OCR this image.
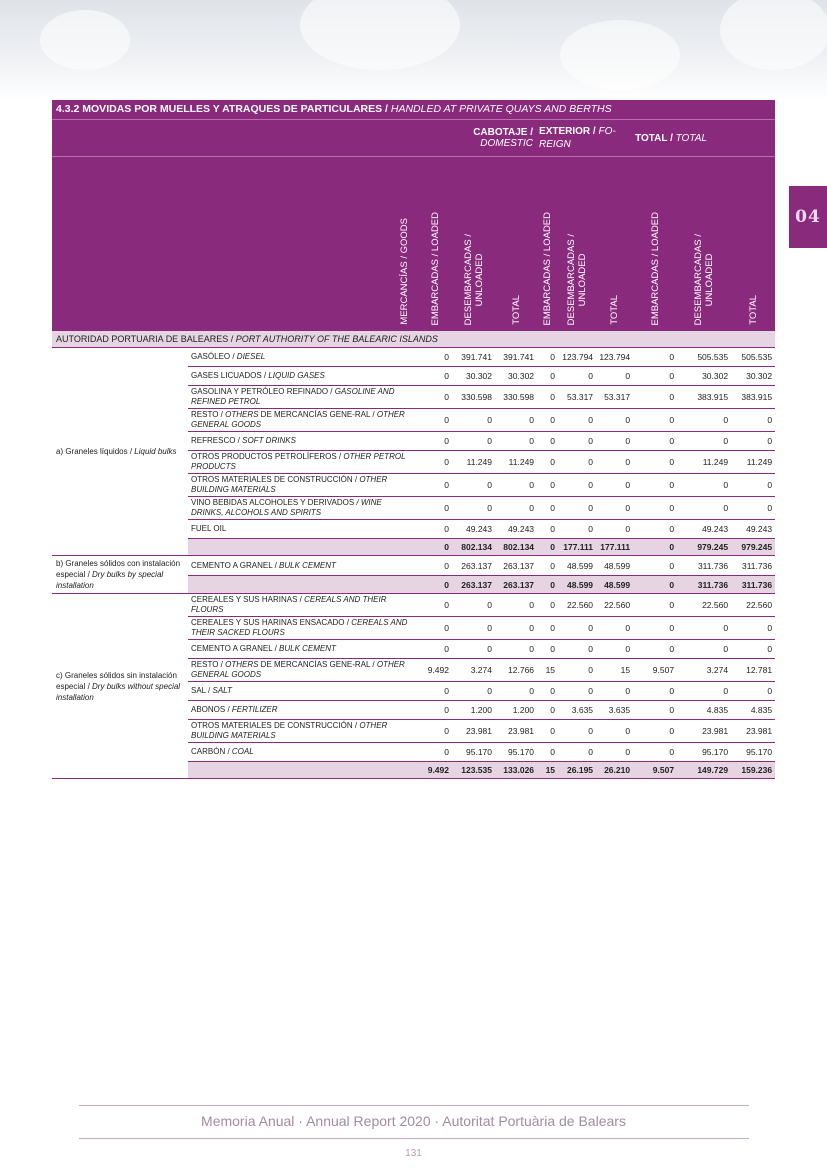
04
4.3.2 MOVIDAS POR MUELLES Y ATRAQUES DE PARTICULARES / HANDLED AT PRIVATE QUAYS AND BERTHS
		CABOTAJE / DOMESTIC			EXTERIOR / FO-REIGN			TOTAL / TOTAL		
	MERCANCÍAS / GOODS	EMBARCADAS / LOADED	DESEMBARCADAS /
UNLOADED	TOTAL	EMBARCADAS / LOADED	DESEMBARCADAS /
UNLOADED	TOTAL	EMBARCADAS / LOADED	DESEMBARCADAS /
UNLOADED	TOTAL
AUTORIDAD PORTUARIA DE BALEARES / PORT AUTHORITY OF THE BALEARIC ISLANDS										
a) Graneles líquidos / Liquid bulks	GASÓLEO / DIESEL	0	391.741	391.741	0	123.794	123.794	0	505.535	505.535
	GASES LICUADOS / LIQUID GASES	0	30.302	30.302	0	0	0	0	30.302	30.302
	GASOLINA Y PETRÓLEO REFINADO / GASOLINE AND REFINED PETROL	0	330.598	330.598	0	53.317	53.317	0	383.915	383.915
	RESTO / OTHERS DE MERCANCÍAS GENE-RAL / OTHER GENERAL GOODS	0	0	0	0	0	0	0	0	0
	REFRESCO / SOFT DRINKS	0	0	0	0	0	0	0	0	0
	OTROS PRODUCTOS PETROLÍFEROS / OTHER PETROL PRODUCTS	0	11.249	11.249	0	0	0	0	11.249	11.249
	OTROS MATERIALES DE CONSTRUCCIÓN / OTHER BUILDING MATERIALS	0	0	0	0	0	0	0	0	0
	VINO BEBIDAS ALCOHOLES Y DERIVADOS / WINE DRINKS, ALCOHOLS AND SPIRITS	0	0	0	0	0	0	0	0	0
	FUEL OIL	0	49.243	49.243	0	0	0	0	49.243	49.243
		0	802.134	802.134	0	177.111	177.111	0	979.245	979.245
b) Graneles sólidos con instalación especial / Dry bulks by special installation	CEMENTO A GRANEL / BULK CEMENT	0	263.137	263.137	0	48.599	48.599	0	311.736	311.736
		0	263.137	263.137	0	48.599	48.599	0	311.736	311.736
c) Graneles sólidos sin instalación especial / Dry bulks without special installation	CEREALES Y SUS HARINAS / CEREALS AND THEIR FLOURS	0	0	0	0	22.560	22.560	0	22.560	22.560
	CEREALES Y SUS HARINAS ENSACADO / CEREALS AND THEIR SACKED FLOURS	0	0	0	0	0	0	0	0	0
	CEMENTO A GRANEL / BULK CEMENT	0	0	0	0	0	0	0	0	0
	RESTO / OTHERS DE MERCANCÍAS GENE-RAL / OTHER GENERAL GOODS	9.492	3.274	12.766	15	0	15	9.507	3.274	12.781
	SAL / SALT	0	0	0	0	0	0	0	0	0
	ABONOS / FERTILIZER	0	1.200	1.200	0	3.635	3.635	0	4.835	4.835
	OTROS MATERIALES DE CONSTRUCCIÓN / OTHER BUILDING MATERIALS	0	23.981	23.981	0	0	0	0	23.981	23.981
	CARBÓN / COAL	0	95.170	95.170	0	0	0	0	95.170	95.170
		9.492	123.535	133.026	15	26.195	26.210	9.507	149.729	159.236
Memoria Anual · Annual Report 2020 · Autoritat Portuària de Balears
131
